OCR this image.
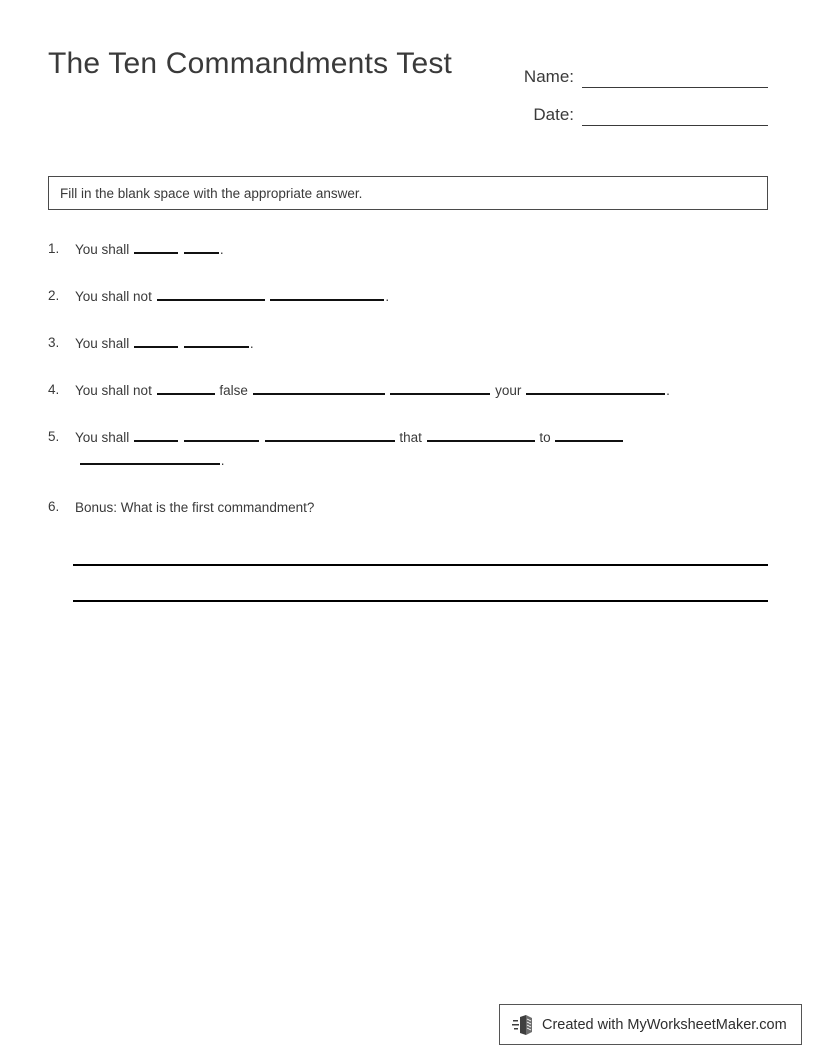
The Ten Commandments Test	Name:
Date:
Fill in the blank space with the appropriate answer.
1.	You shall	.
2.	You shall not	.
3.	You shall	.
4.	You shall not	false	your	.
5.	You shall	that	to  .
6.	Bonus: What is the first commandment?
Created with MyWorksheetMaker.com
